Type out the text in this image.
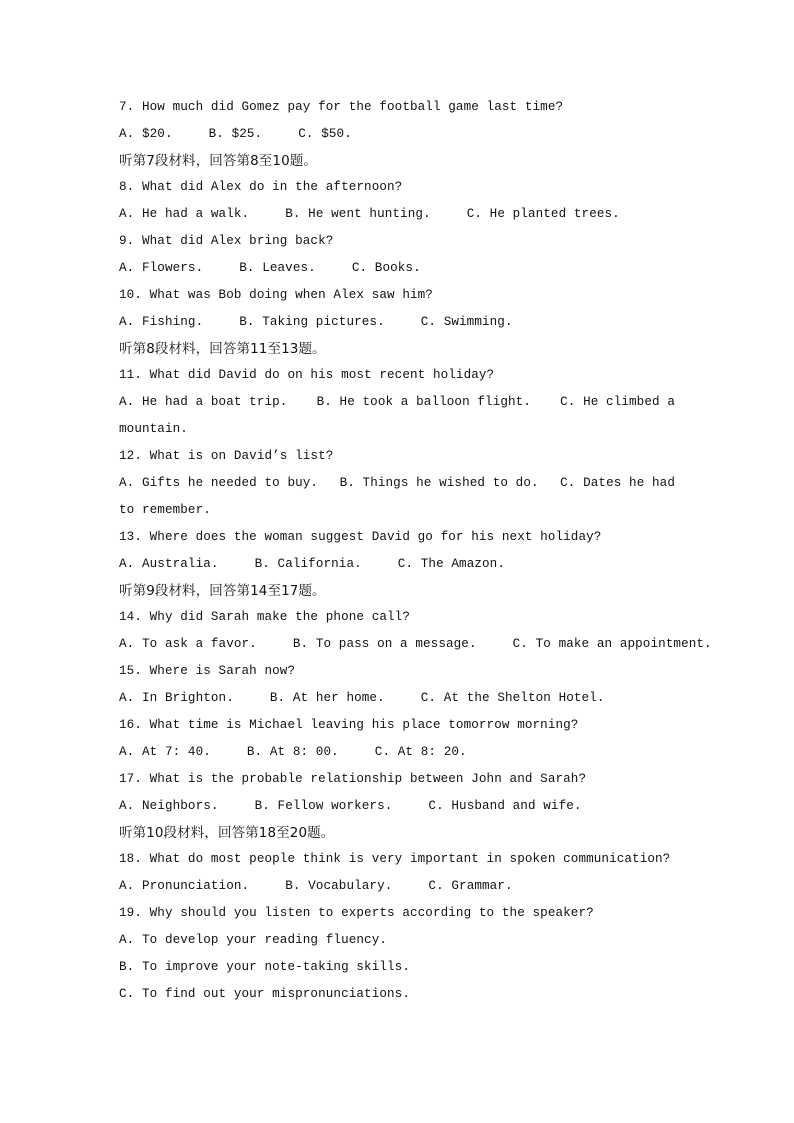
7. How much did Gomez pay for the football game last time?
A. $20.	B. $25.	C. $50.
听第7段材料，回答第8至10题。
8. What did Alex do in the afternoon?
A. He had a walk.	B. He went hunting.	C. He planted trees.
9. What did Alex bring back?
A. Flowers.	B. Leaves.	C. Books.
10. What was Bob doing when Alex saw him?
A. Fishing.	B. Taking pictures.	C. Swimming.
听第8段材料，回答第11至13题。
11. What did David do on his most recent holiday?
A. He had a boat trip. B. He took a balloon flight. C. He climbed a
mountain.
12. What is on David’s list?
A. Gifts he needed to buy. B. Things he wished to do. C. Dates he had
to remember.
13. Where does the woman suggest David go for his next holiday?
A. Australia.	B. California.	C. The Amazon.
听第9段材料，回答第14至17题。
14. Why did Sarah make the phone call?
A. To ask a favor.	B. To pass on a message.	C. To make an appointment.
15. Where is Sarah now?
A. In Brighton.	B. At her home.	C. At the Shelton Hotel.
16. What time is Michael leaving his place tomorrow morning?
A. At 7: 40.	B. At 8: 00.	C. At 8: 20.
17. What is the probable relationship between John and Sarah?
A. Neighbors.	B. Fellow workers.	C. Husband and wife.
听第10段材料，回答第18至20题。
18. What do most people think is very important in spoken communication?
A. Pronunciation.	B. Vocabulary.	C. Grammar.
19. Why should you listen to experts according to the speaker?
A. To develop your reading fluency.
B. To improve your note-taking skills.
C. To find out your mispronunciations.
